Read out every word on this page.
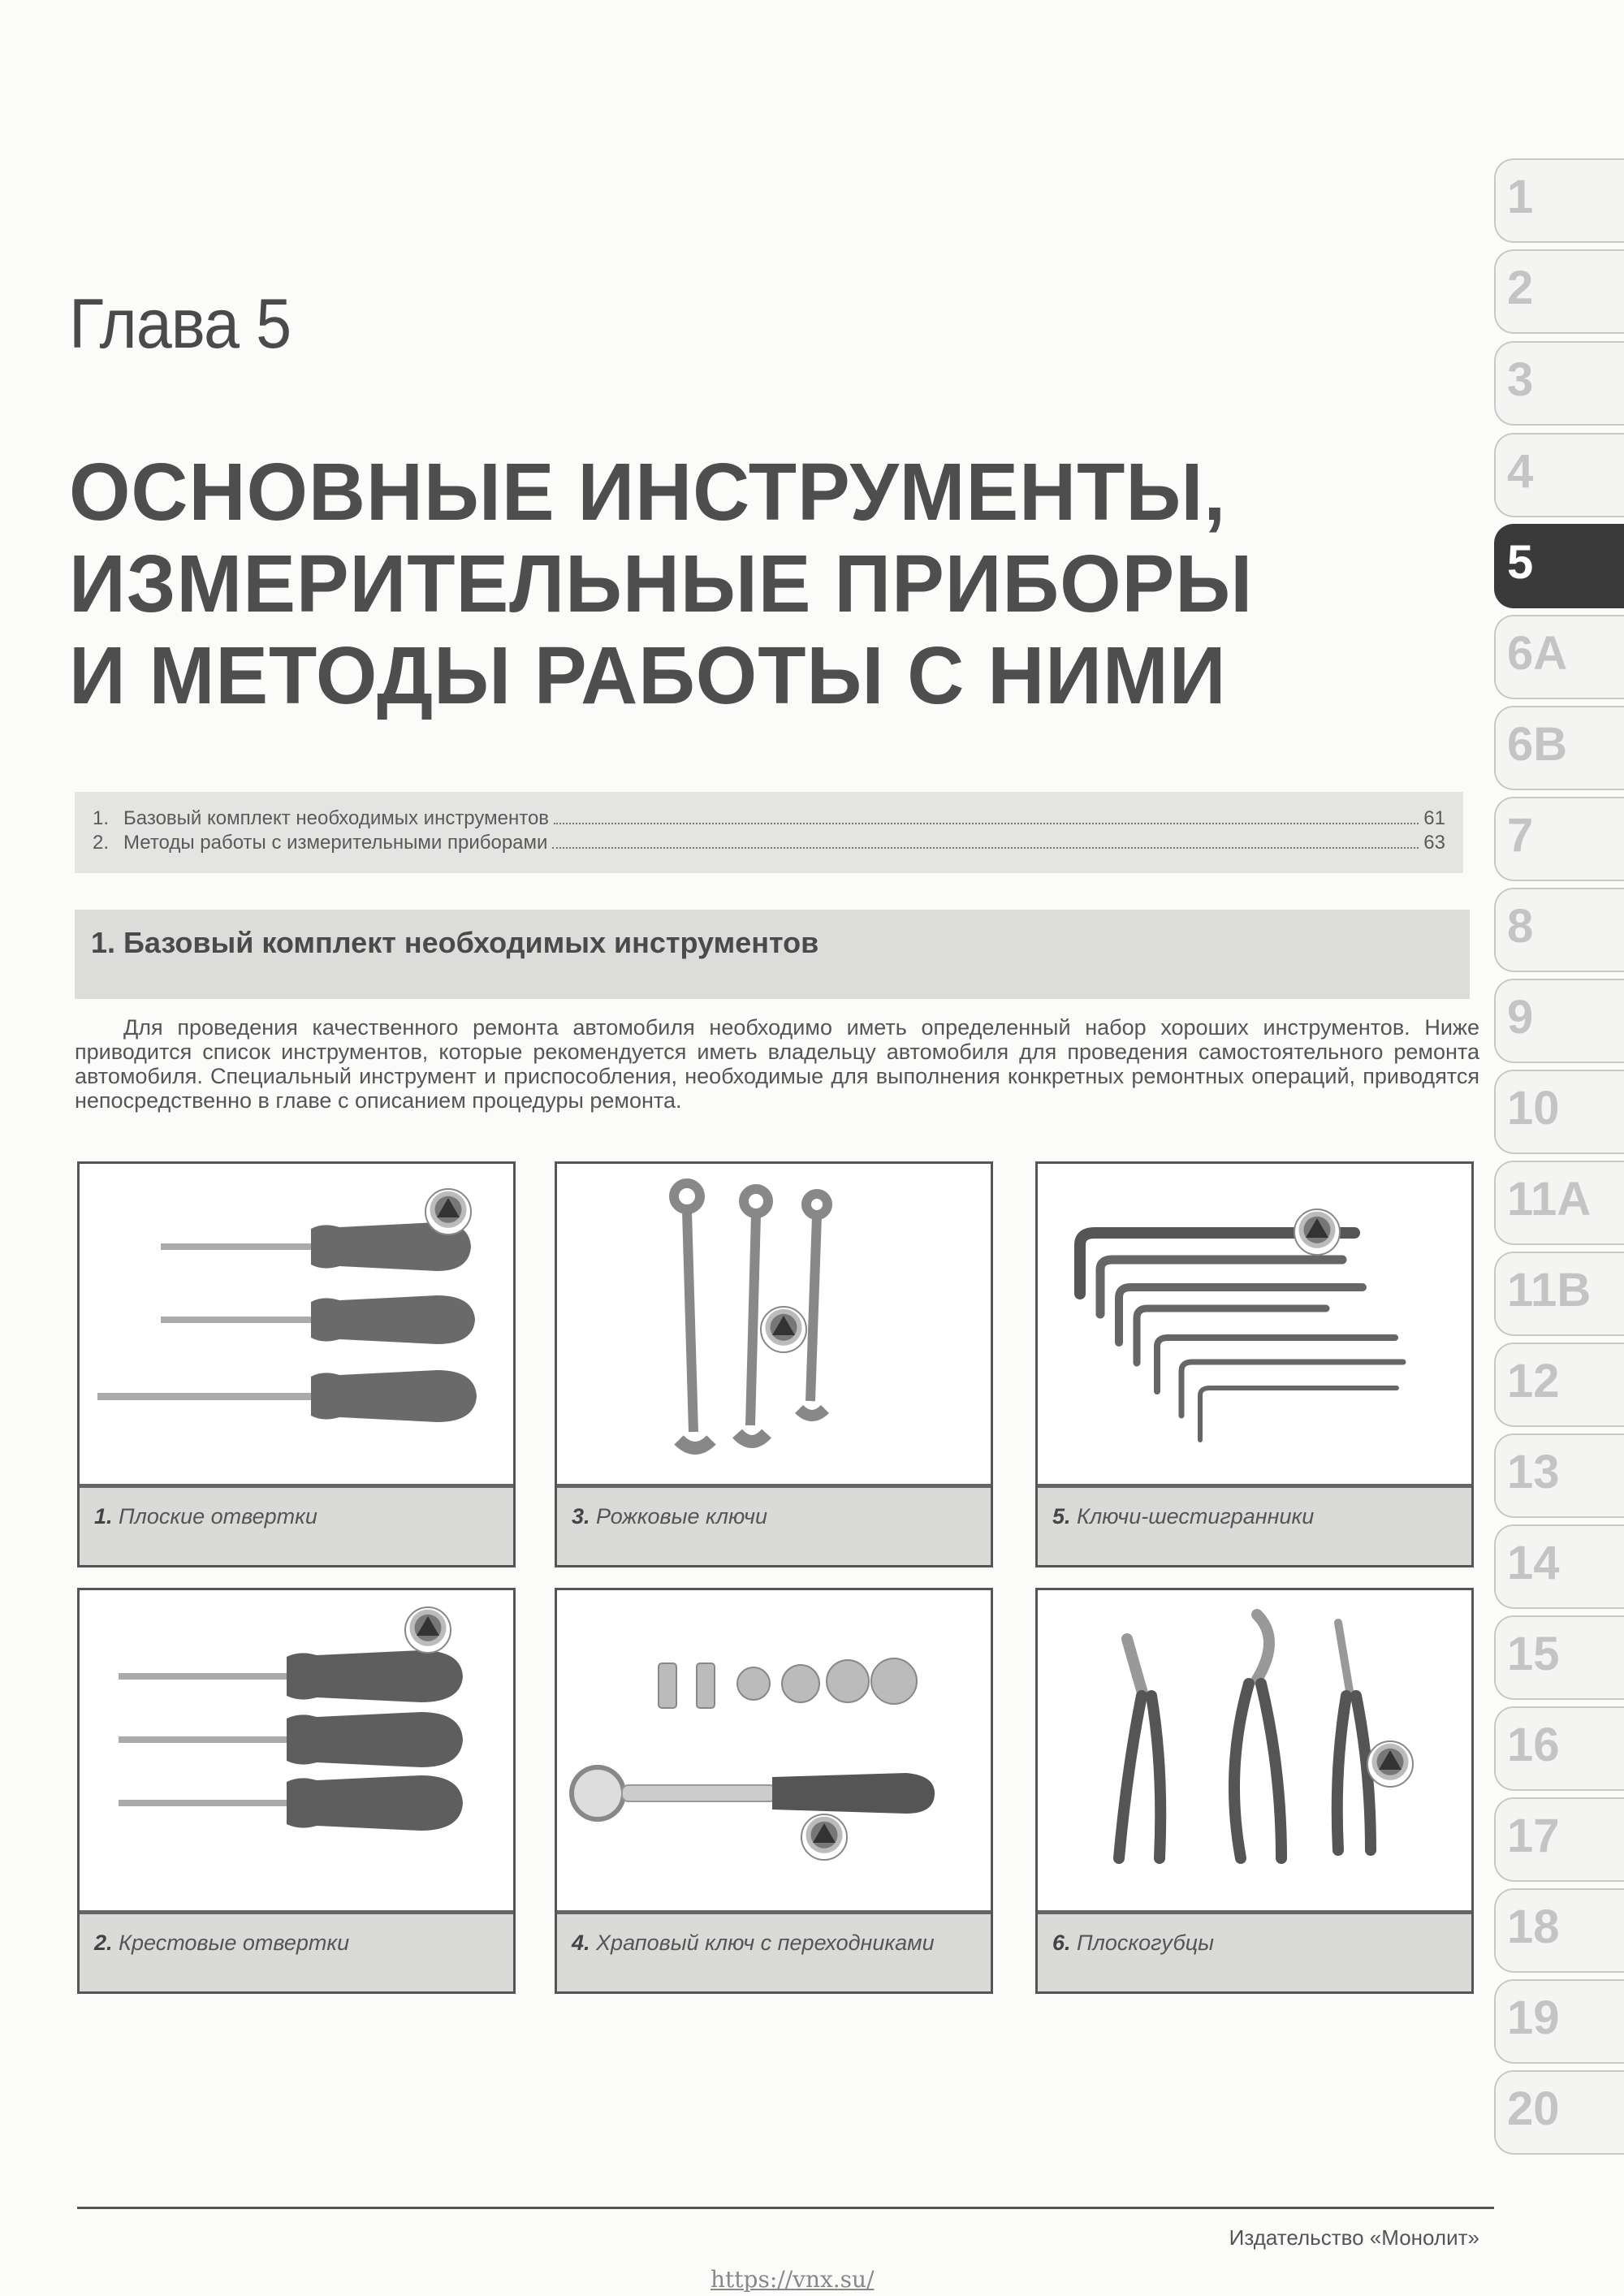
Глава 5
ОСНОВНЫЕ ИНСТРУМЕНТЫ,
ИЗМЕРИТЕЛЬНЫЕ ПРИБОРЫ
И МЕТОДЫ РАБОТЫ С НИМИ
1. Базовый комплект необходимых инструментов	61
2. Методы работы с измерительными приборами	63
1. Базовый комплект необходимых инструментов

Для проведения качественного ремонта автомобиля необходимо иметь определенный набор хороших инструментов. Ниже приводится список инструментов, которые рекомендуется иметь владельцу автомобиля для проведения самостоятельного ремонта автомобиля. Специальный инструмент и приспособления, необходимые для выполнения конкретных ремонтных операций, приводятся непосредственно в главе с описанием процедуры ремонта.

1. Плоские отвертки	3. Рожковые ключи	5. Ключи-шестигранники
2. Крестовые отвертки	4. Храповый ключ с переходниками	6. Плоскогубцы
1
2
3
4
5
6A
6B
7
8
9
10
11A
11B
12
13
14
15
16
17
18
19
20
Издательство «Монолит»
https://vnx.su/
